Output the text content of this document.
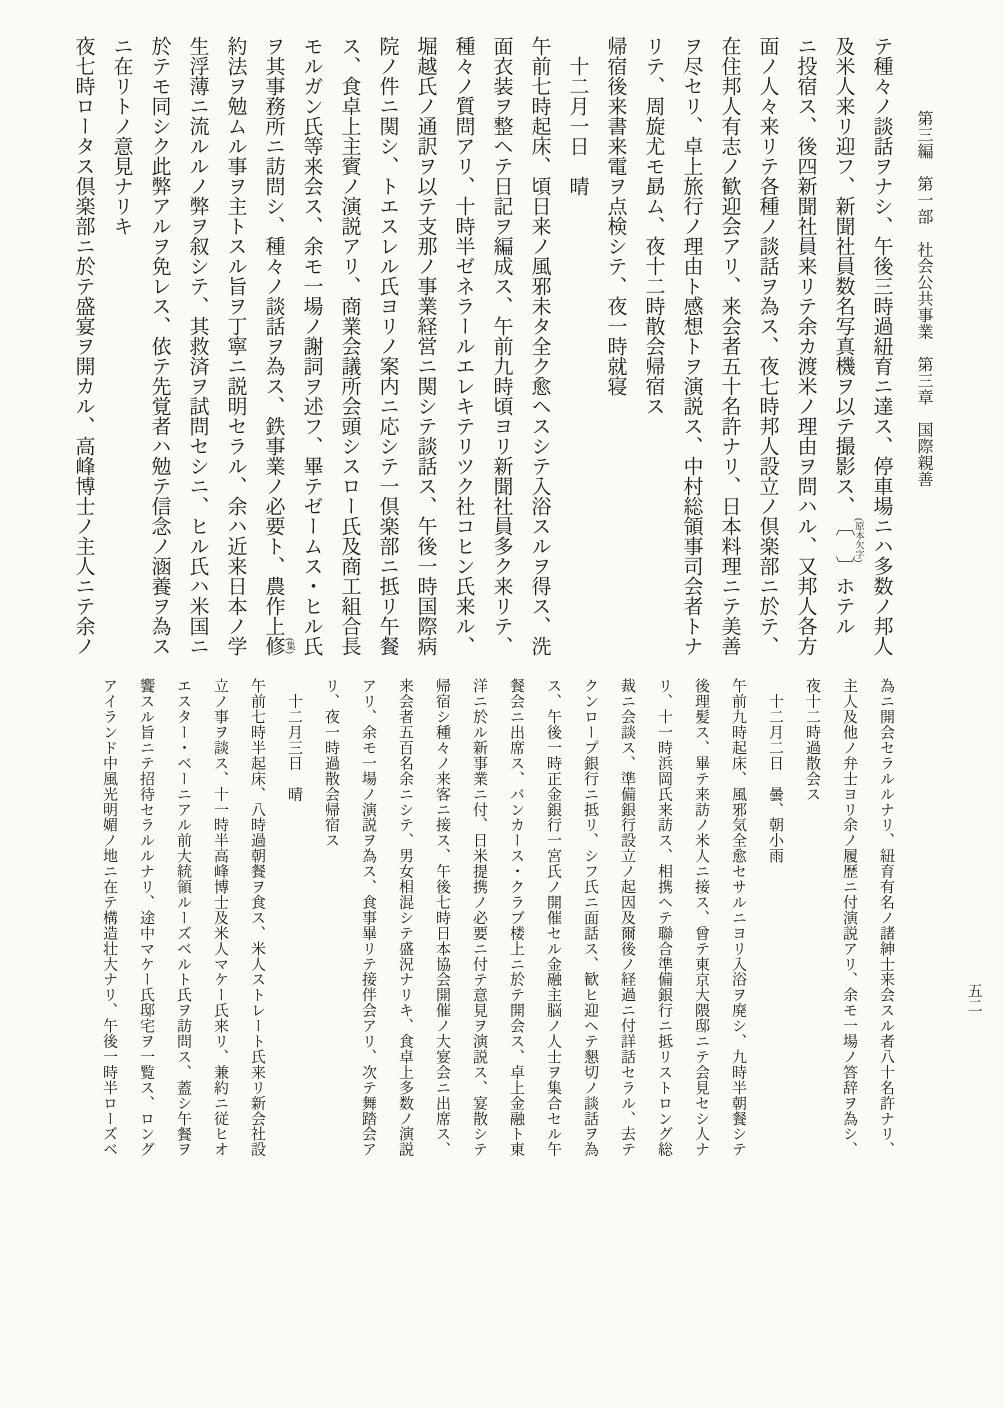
第三編　第一部　社会公共事業　第三章　国際親善
五二
テ種々ノ談話ヲナシ、午後三時過紐育ニ達ス、停車場ニハ多数ノ邦人
及米人来リ迎フ、新聞社員数名写真機ヲ以テ撮影ス、
(原本欠字)
〔　〕ホテル
ニ投宿ス、後四新聞社員来リテ余カ渡米ノ理由ヲ問ハル、又邦人各方
面ノ人々来リテ各種ノ談話ヲ為ス、夜七時邦人設立ノ倶楽部ニ於テ、
在住邦人有志ノ歓迎会アリ、来会者五十名許ナリ、日本料理ニテ美善
ヲ尽セリ、卓上旅行ノ理由ト感想トヲ演説ス、中村総領事司会者トナ
リテ、周旋尤モ勗ム、夜十二時散会帰宿ス
帰宿後来書来電ヲ点検シテ、夜一時就寝
　十二月一日　晴
午前七時起床、頃日来ノ風邪未タ全ク愈ヘスシテ入浴スルヲ得ス、洗
面衣装ヲ整ヘテ日記ヲ編成ス、午前九時頃ヨリ新聞社員多ク来リテ、
種々ノ質問アリ、十時半ゼネラールエレキテリツク社コヒン氏来ル、
堀越氏ノ通訳ヲ以テ支那ノ事業経営ニ関シテ談話ス、午後一時国際病
院ノ件ニ関シ、トエスレル氏ヨリノ案内ニ応シテ一倶楽部ニ抵リ午餐
ス、食卓上主賓ノ演説アリ、商業会議所会頭シスロー氏及商工組合長
モルガン氏等来会ス、余モ一場ノ謝詞ヲ述フ、畢テゼームス・ヒル氏
ヲ其事務所ニ訪問シ、種々ノ談話ヲ為ス、鉄事業ノ必要ト、農作上修 (集)
約法ヲ勉ムル事ヲ主トスル旨ヲ丁寧ニ説明セラル、余ハ近来日本ノ学
生浮薄ニ流ルルノ弊ヲ叙シテ、其救済ヲ試問セシニ、ヒル氏ハ米国ニ
於テモ同シク此弊アルヲ免レス、依テ先覚者ハ勉テ信念ノ涵養ヲ為ス
ニ在リトノ意見ナリキ
夜七時ロータス倶楽部ニ於テ盛宴ヲ開カル、高峰博士ノ主人ニテ余ノ
為ニ開会セラルルナリ、紐育有名ノ諸紳士来会スル者八十名許ナリ、
主人及他ノ弁士ヨリ余ノ履歴ニ付演説アリ、余モ一場ノ答辞ヲ為シ、
夜十二時過散会ス
　十二月二日　曇、朝小雨
午前九時起床、風邪気全愈セサルニヨリ入浴ヲ廃シ、九時半朝餐シテ
後理髪ス、畢テ来訪ノ米人ニ接ス、曾テ東京大隈邸ニテ会見セシ人ナ
リ、十一時浜岡氏来訪ス、相携ヘテ聯合準備銀行ニ抵リストロング総
裁ニ会談ス、準備銀行設立ノ起因及爾後ノ経過ニ付詳話セラル、去テ
クンロープ銀行ニ抵リ、シフ氏ニ面話ス、歓ヒ迎ヘテ懇切ノ談話ヲ為
ス、午後一時正金銀行一宮氏ノ開催セル金融主脳ノ人士ヲ集合セル午
餐会ニ出席ス、バンカース・クラブ楼上ニ於テ開会ス、卓上金融ト東
洋ニ於ル新事業ニ付、日米提携ノ必要ニ付テ意見ヲ演説ス、宴散シテ
帰宿シ種々ノ来客ニ接ス、午後七時日本協会開催ノ大宴会ニ出席ス、
来会者五百名余ニシテ、男女相混シテ盛況ナリキ、食卓上多数ノ演説
アリ、余モ一場ノ演説ヲ為ス、食事畢リテ接伴会アリ、次テ舞踏会ア
リ、夜一時過散会帰宿ス
　十二月三日　晴
午前七時半起床、八時過朝餐ヲ食ス、米人ストレート氏来リ新会社設
立ノ事ヲ談ス、十一時半高峰博士及米人マケー氏来リ、兼約ニ従ヒオ
エスター・ベーニアル前大統領ルーズベルト氏ヲ訪問ス、蓋シ午餐ヲ
饗スル旨ニテ招待セラルルナリ、途中マケー氏邸宅ヲ一覧ス、ロング
アイランド中風光明媚ノ地ニ在テ構造壮大ナリ、午後一時半ローズベ
